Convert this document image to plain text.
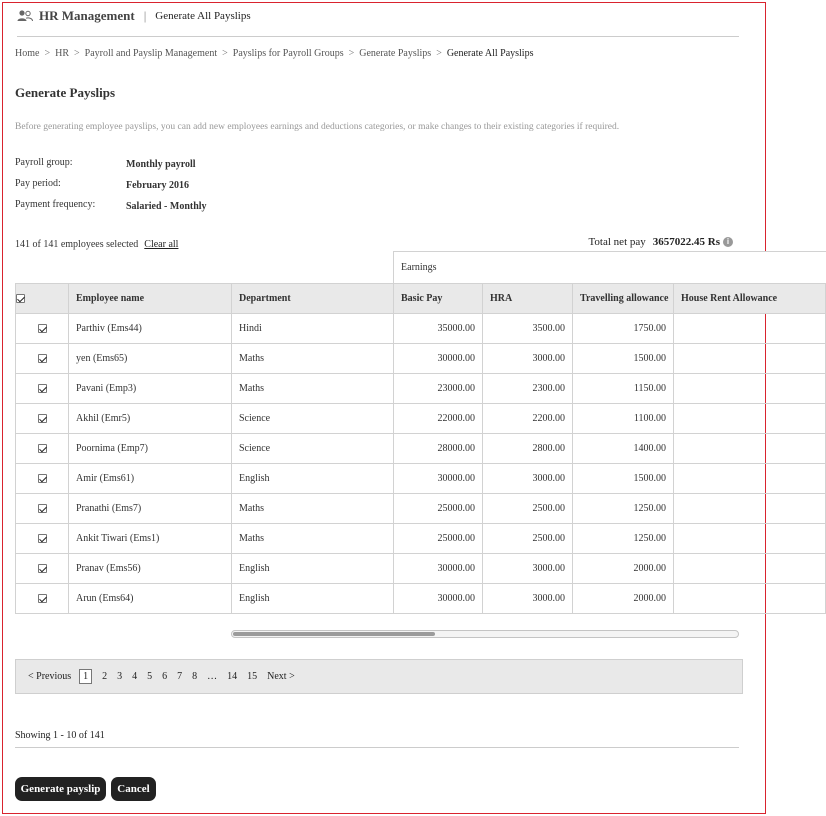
HR Management | Generate All Payslips
Home > HR > Payroll and Payslip Management > Payslips for Payroll Groups > Generate Payslips > Generate All Payslips
Generate Payslips
Before generating employee payslips, you can add new employees earnings and deductions categories, or make changes to their existing categories if required.
Payroll group:	Monthly payroll
Pay period:	February 2016
Payment frequency:	Salaried - Monthly
141 of 141 employees selected Clear all	Total net pay 3657022.45 Rs i
			Earnings			
	Employee name	Department	Basic Pay	HRA	Travelling allowance	House Rent Allowance
	Parthiv (Ems44)	Hindi	35000.00	3500.00	1750.00	
	yen (Ems65)	Maths	30000.00	3000.00	1500.00	
	Pavani (Emp3)	Maths	23000.00	2300.00	1150.00	
	Akhil (Emr5)	Science	22000.00	2200.00	1100.00	
	Poornima (Emp7)	Science	28000.00	2800.00	1400.00	
	Amir (Ems61)	English	30000.00	3000.00	1500.00	
	Pranathi (Ems7)	Maths	25000.00	2500.00	1250.00	
	Ankit Tiwari (Ems1)	Maths	25000.00	2500.00	1250.00	
	Pranav (Ems56)	English	30000.00	3000.00	2000.00	
	Arun (Ems64)	English	30000.00	3000.00	2000.00	
< Previous	1	2 3 4 5 6 7 8 … 14 15 Next >
Showing 1 - 10 of 141
Generate payslip	Cancel
